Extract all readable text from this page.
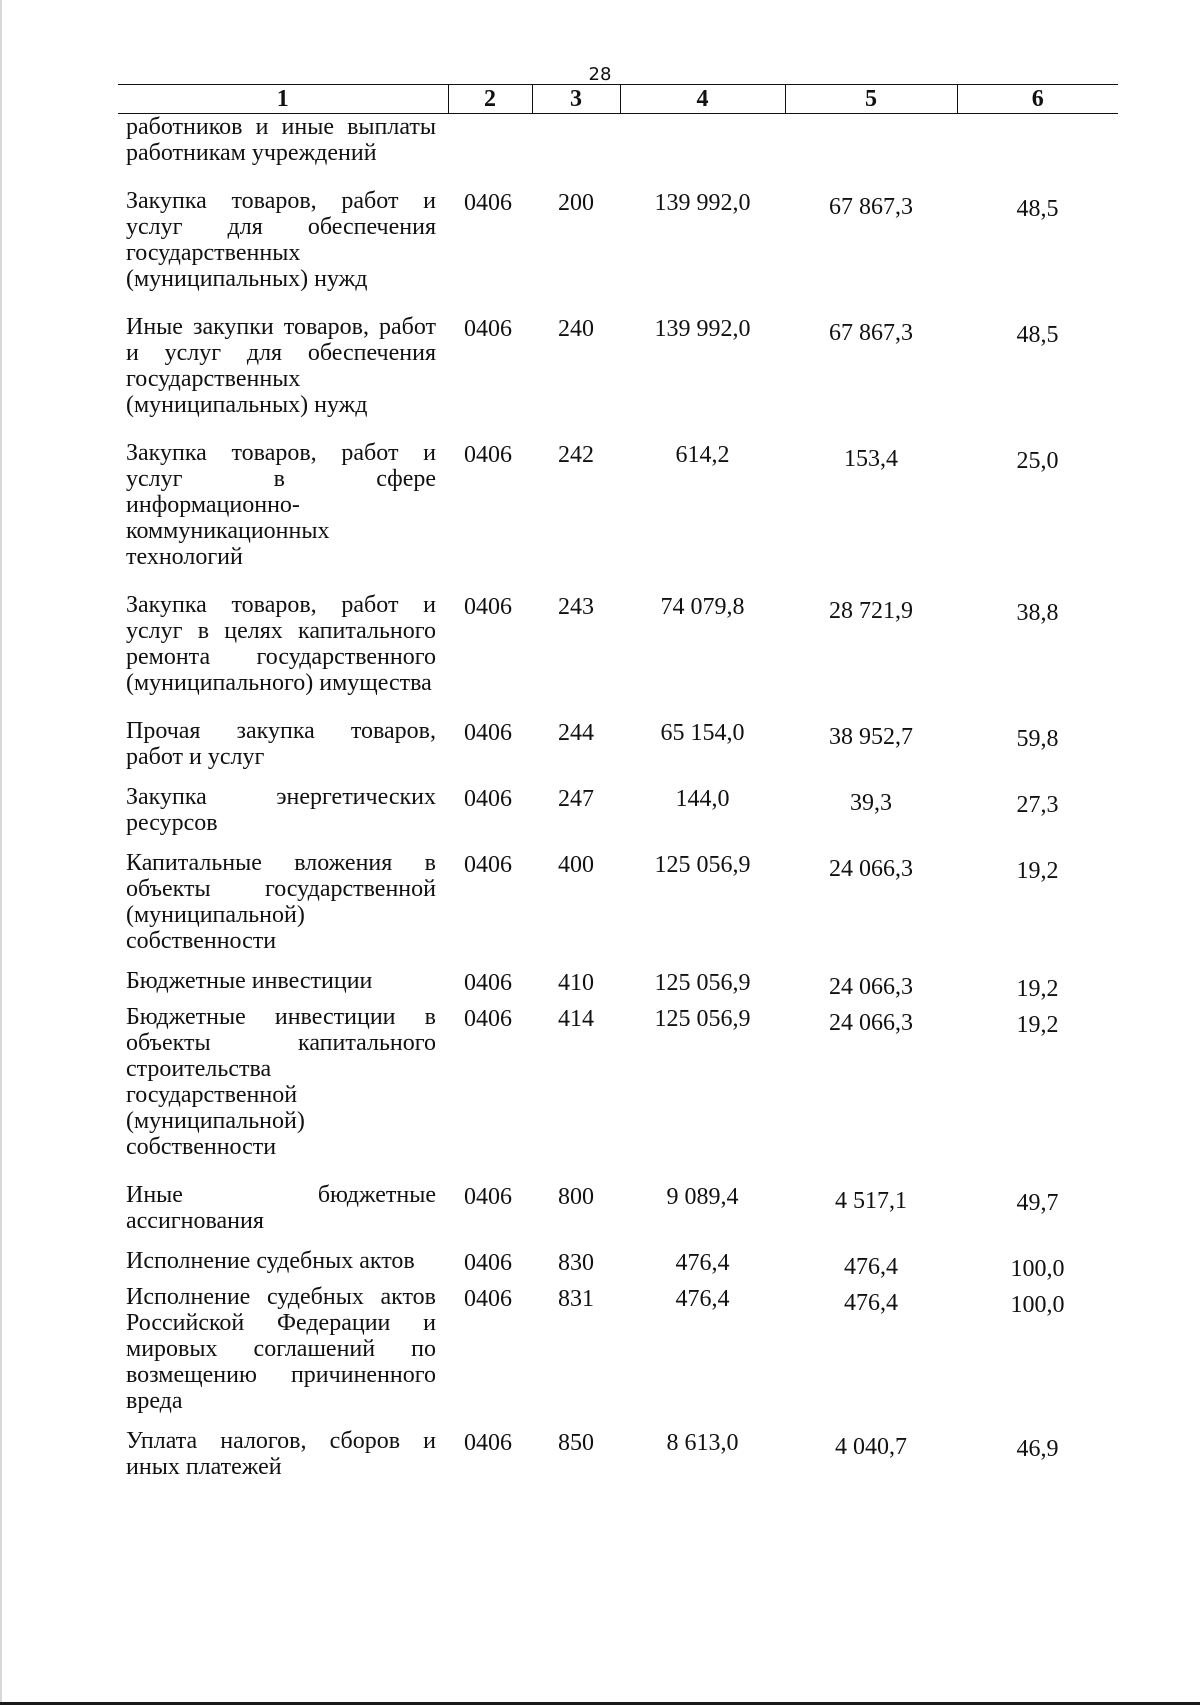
28
1	2	3	4	5	6
работников и иные выплаты работникам учреждений					
Закупка товаров, работ и услуг для обеспечения государственных (муниципальных) нужд	0406	200	139 992,0	67 867,3	48,5
Иные закупки товаров, работ и услуг для обеспечения государственных (муниципальных) нужд	0406	240	139 992,0	67 867,3	48,5
Закупка товаров, работ и услуг в сфере информационно-коммуникационных технологий	0406	242	614,2	153,4	25,0
Закупка товаров, работ и услуг в целях капитального ремонта государственного (муниципального) имущества	0406	243	74 079,8	28 721,9	38,8
Прочая закупка товаров, работ и услуг	0406	244	65 154,0	38 952,7	59,8
Закупка энергетических ресурсов	0406	247	144,0	39,3	27,3
Капитальные вложения в объекты государственной (муниципальной) собственности	0406	400	125 056,9	24 066,3	19,2
Бюджетные инвестиции	0406	410	125 056,9	24 066,3	19,2
Бюджетные инвестиции в объекты капитального строительства государственной (муниципальной) собственности	0406	414	125 056,9	24 066,3	19,2
Иные бюджетные ассигнования	0406	800	9 089,4	4 517,1	49,7
Исполнение судебных актов	0406	830	476,4	476,4	100,0
Исполнение судебных актов Российской Федерации и мировых соглашений по возмещению причиненного вреда	0406	831	476,4	476,4	100,0
Уплата налогов, сборов и иных платежей	0406	850	8 613,0	4 040,7	46,9
